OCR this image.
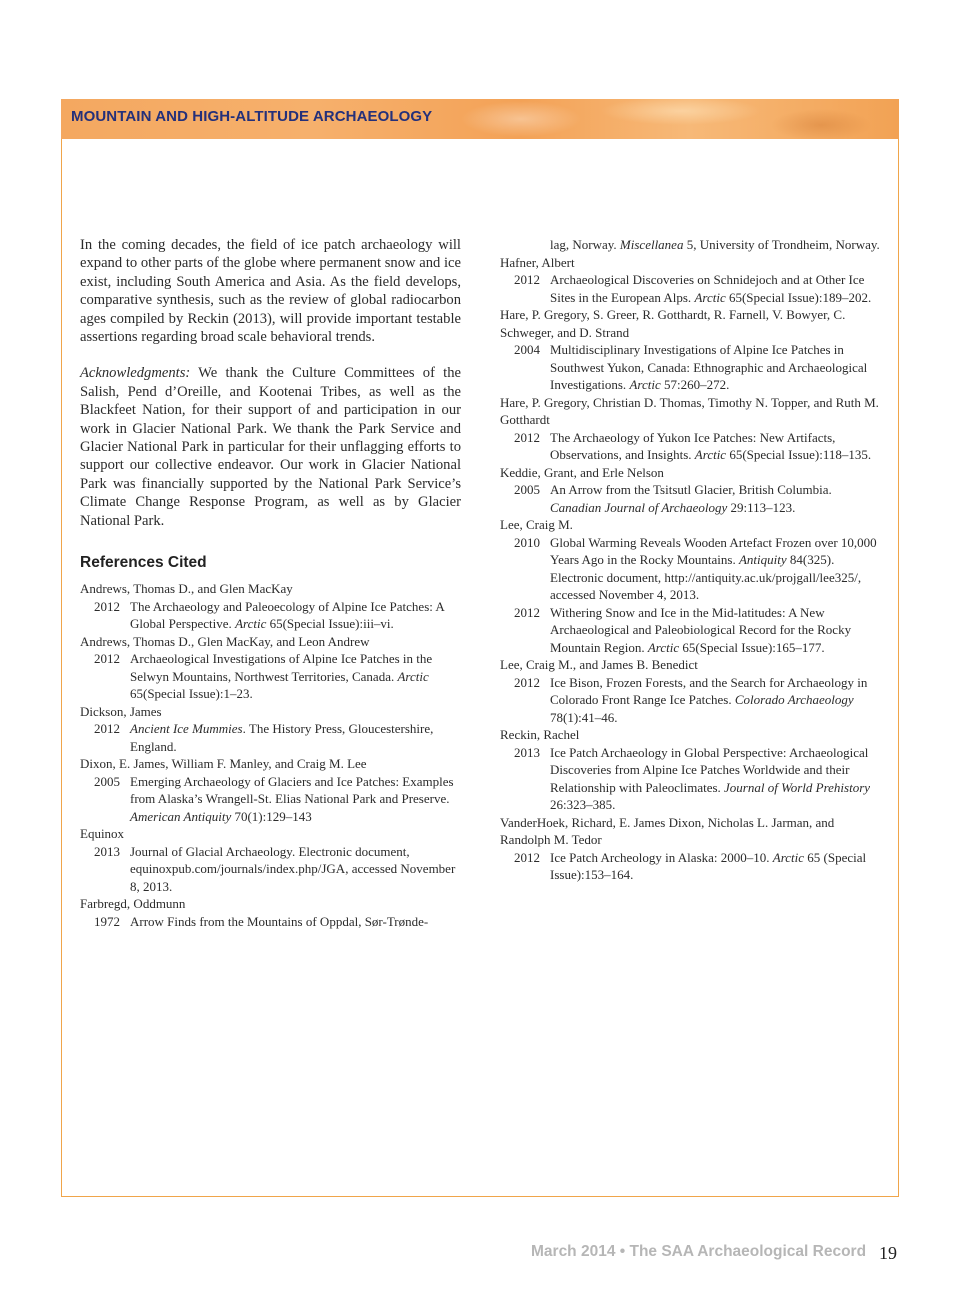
MOUNTAIN AND HIGH-ALTITUDE ARCHAEOLOGY

In the coming decades, the field of ice patch archaeology will expand to other parts of the globe where permanent snow and ice exist, including South America and Asia. As the field develops, comparative synthesis, such as the review of global radiocarbon ages compiled by Reckin (2013), will provide important testable assertions regarding broad scale behavioral trends.

Acknowledgments: We thank the Culture Committees of the Salish, Pend d’Oreille, and Kootenai Tribes, as well as the Blackfeet Nation, for their support of and participation in our work in Glacier National Park. We thank the Park Service and Glacier National Park in particular for their unflagging efforts to support our collective endeavor. Our work in Glacier National Park was financially supported by the National Park Service’s Climate Change Response Program, as well as by Glacier National Park.

References Cited
Andrews, Thomas D., and Glen MacKay
2012 The Archaeology and Paleoecology of Alpine Ice Patches: A Global Perspective. Arctic 65(Special Issue):iii–vi.
Andrews, Thomas D., Glen MacKay, and Leon Andrew
2012 Archaeological Investigations of Alpine Ice Patches in the Selwyn Mountains, Northwest Territories, Canada. Arctic 65(Special Issue):1–23.
Dickson, James
2012 Ancient Ice Mummies. The History Press, Gloucestershire, England.
Dixon, E. James, William F. Manley, and Craig M. Lee
2005 Emerging Archaeology of Glaciers and Ice Patches: Examples from Alaska’s Wrangell-St. Elias National Park and Preserve. American Antiquity 70(1):129–143
Equinox
2013 Journal of Glacial Archaeology. Electronic document, equinoxpub.com/journals/index.php/JGA, accessed November 8, 2013.
Farbregd, Oddmunn
1972 Arrow Finds from the Mountains of Oppdal, Sør-Trønde-
lag, Norway. Miscellanea 5, University of Trondheim, Norway.
Hafner, Albert
2012 Archaeological Discoveries on Schnidejoch and at Other Ice Sites in the European Alps. Arctic 65(Special Issue):189–202.
Hare, P. Gregory, S. Greer, R. Gotthardt, R. Farnell, V. Bowyer, C. Schweger, and D. Strand
2004 Multidisciplinary Investigations of Alpine Ice Patches in Southwest Yukon, Canada: Ethnographic and Archaeological Investigations. Arctic 57:260–272.
Hare, P. Gregory, Christian D. Thomas, Timothy N. Topper, and Ruth M. Gotthardt
2012 The Archaeology of Yukon Ice Patches: New Artifacts, Observations, and Insights. Arctic 65(Special Issue):118–135.
Keddie, Grant, and Erle Nelson
2005 An Arrow from the Tsitsutl Glacier, British Columbia. Canadian Journal of Archaeology 29:113–123.
Lee, Craig M.
2010 Global Warming Reveals Wooden Artefact Frozen over 10,000 Years Ago in the Rocky Mountains. Antiquity 84(325). Electronic document, http://antiquity.ac.uk/projgall/lee325/, accessed November 4, 2013.
2012 Withering Snow and Ice in the Mid-latitudes: A New Archaeological and Paleobiological Record for the Rocky Mountain Region. Arctic 65(Special Issue):165–177.
Lee, Craig M., and James B. Benedict
2012 Ice Bison, Frozen Forests, and the Search for Archaeology in Colorado Front Range Ice Patches. Colorado Archaeology 78(1):41–46.
Reckin, Rachel
2013 Ice Patch Archaeology in Global Perspective: Archaeological Discoveries from Alpine Ice Patches Worldwide and their Relationship with Paleoclimates. Journal of World Prehistory 26:323–385.
VanderHoek, Richard, E. James Dixon, Nicholas L. Jarman, and Randolph M. Tedor
2012 Ice Patch Archeology in Alaska: 2000–10. Arctic 65 (Special Issue):153–164.
March 2014 • The SAA Archaeological Record 19
